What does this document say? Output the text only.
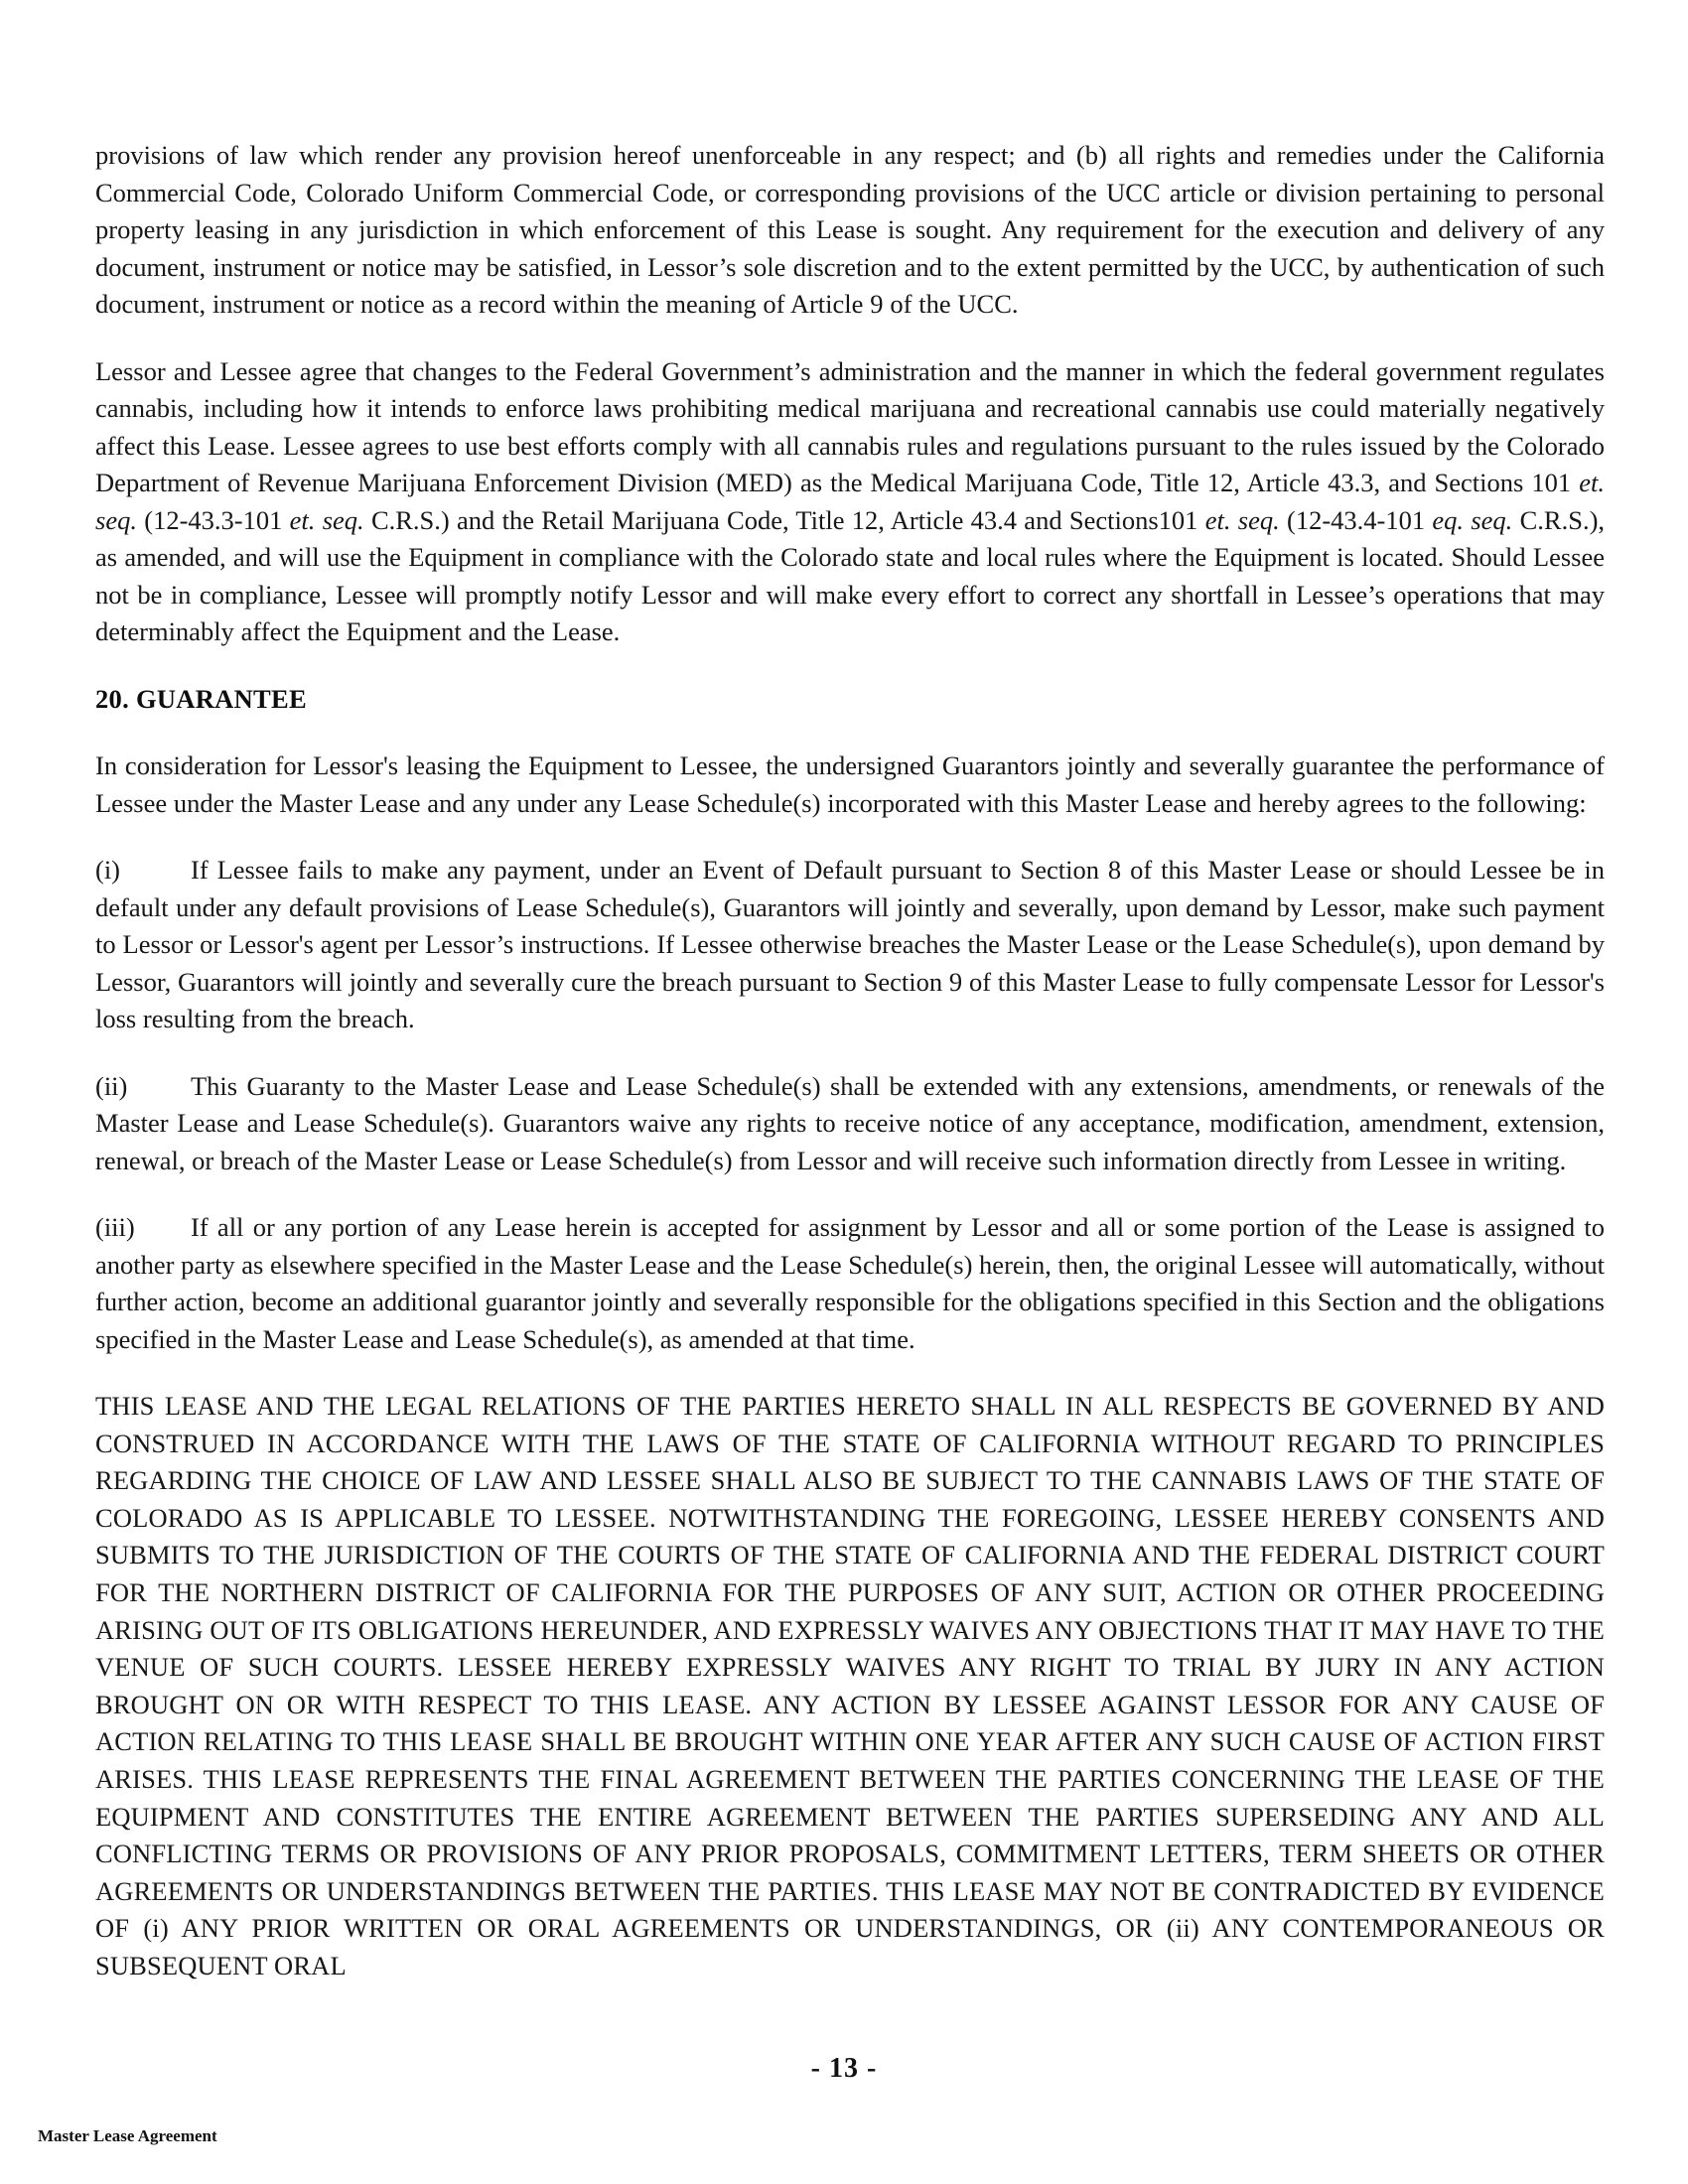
provisions of law which render any provision hereof unenforceable in any respect; and (b) all rights and remedies under the California Commercial Code, Colorado Uniform Commercial Code, or corresponding provisions of the UCC article or division pertaining to personal property leasing in any jurisdiction in which enforcement of this Lease is sought. Any requirement for the execution and delivery of any document, instrument or notice may be satisfied, in Lessor’s sole discretion and to the extent permitted by the UCC, by authentication of such document, instrument or notice as a record within the meaning of Article 9 of the UCC.

Lessor and Lessee agree that changes to the Federal Government’s administration and the manner in which the federal government regulates cannabis, including how it intends to enforce laws prohibiting medical marijuana and recreational cannabis use could materially negatively affect this Lease. Lessee agrees to use best efforts comply with all cannabis rules and regulations pursuant to the rules issued by the Colorado Department of Revenue Marijuana Enforcement Division (MED) as the Medical Marijuana Code, Title 12, Article 43.3, and Sections 101 et. seq. (12-43.3-101 et. seq. C.R.S.) and the Retail Marijuana Code, Title 12, Article 43.4 and Sections101 et. seq. (12-43.4-101 eq. seq. C.R.S.), as amended, and will use the Equipment in compliance with the Colorado state and local rules where the Equipment is located. Should Lessee not be in compliance, Lessee will promptly notify Lessor and will make every effort to correct any shortfall in Lessee’s operations that may determinably affect the Equipment and the Lease.

20. GUARANTEE

In consideration for Lessor's leasing the Equipment to Lessee, the undersigned Guarantors jointly and severally guarantee the performance of Lessee under the Master Lease and any under any Lease Schedule(s) incorporated with this Master Lease and hereby agrees to the following:

(i)	If Lessee fails to make any payment, under an Event of Default pursuant to Section 8 of this Master Lease or should Lessee be in default under any default provisions of Lease Schedule(s), Guarantors will jointly and severally, upon demand by Lessor, make such payment to Lessor or Lessor's agent per Lessor’s instructions. If Lessee otherwise breaches the Master Lease or the Lease Schedule(s), upon demand by Lessor, Guarantors will jointly and severally cure the breach pursuant to Section 9 of this Master Lease to fully compensate Lessor for Lessor's loss resulting from the breach.

(ii) This Guaranty to the Master Lease and Lease Schedule(s) shall be extended with any extensions, amendments, or renewals of the Master Lease and Lease Schedule(s). Guarantors waive any rights to receive notice of any acceptance, modification, amendment, extension, renewal, or breach of the Master Lease or Lease Schedule(s) from Lessor and will receive such information directly from Lessee in writing.

(iii) If all or any portion of any Lease herein is accepted for assignment by Lessor and all or some portion of the Lease is assigned to another party as elsewhere specified in the Master Lease and the Lease Schedule(s) herein, then, the original Lessee will automatically, without further action, become an additional guarantor jointly and severally responsible for the obligations specified in this Section and the obligations specified in the Master Lease and Lease Schedule(s), as amended at that time.

THIS LEASE AND THE LEGAL RELATIONS OF THE PARTIES HERETO SHALL IN ALL RESPECTS BE GOVERNED BY AND CONSTRUED IN ACCORDANCE WITH THE LAWS OF THE STATE OF CALIFORNIA WITHOUT REGARD TO PRINCIPLES REGARDING THE CHOICE OF LAW AND LESSEE SHALL ALSO BE SUBJECT TO THE CANNABIS LAWS OF THE STATE OF COLORADO AS IS APPLICABLE TO LESSEE. NOTWITHSTANDING THE FOREGOING, LESSEE HEREBY CONSENTS AND SUBMITS TO THE JURISDICTION OF THE COURTS OF THE STATE OF CALIFORNIA AND THE FEDERAL DISTRICT COURT FOR THE NORTHERN DISTRICT OF CALIFORNIA FOR THE PURPOSES OF ANY SUIT, ACTION OR OTHER PROCEEDING ARISING OUT OF ITS OBLIGATIONS HEREUNDER, AND EXPRESSLY WAIVES ANY OBJECTIONS THAT IT MAY HAVE TO THE VENUE OF SUCH COURTS. LESSEE HEREBY EXPRESSLY WAIVES ANY RIGHT TO TRIAL BY JURY IN ANY ACTION BROUGHT ON OR WITH RESPECT TO THIS LEASE. ANY ACTION BY LESSEE AGAINST LESSOR FOR ANY CAUSE OF ACTION RELATING TO THIS LEASE SHALL BE BROUGHT WITHIN ONE YEAR AFTER ANY SUCH CAUSE OF ACTION FIRST ARISES. THIS LEASE REPRESENTS THE FINAL AGREEMENT BETWEEN THE PARTIES CONCERNING THE LEASE OF THE EQUIPMENT AND CONSTITUTES THE ENTIRE AGREEMENT BETWEEN THE PARTIES SUPERSEDING ANY AND ALL CONFLICTING TERMS OR PROVISIONS OF ANY PRIOR PROPOSALS, COMMITMENT LETTERS, TERM SHEETS OR OTHER AGREEMENTS OR UNDERSTANDINGS BETWEEN THE PARTIES. THIS LEASE MAY NOT BE CONTRADICTED BY EVIDENCE OF (i) ANY PRIOR WRITTEN OR ORAL AGREEMENTS OR UNDERSTANDINGS, OR (ii) ANY CONTEMPORANEOUS OR SUBSEQUENT ORAL

- 13 -
Master Lease Agreement
